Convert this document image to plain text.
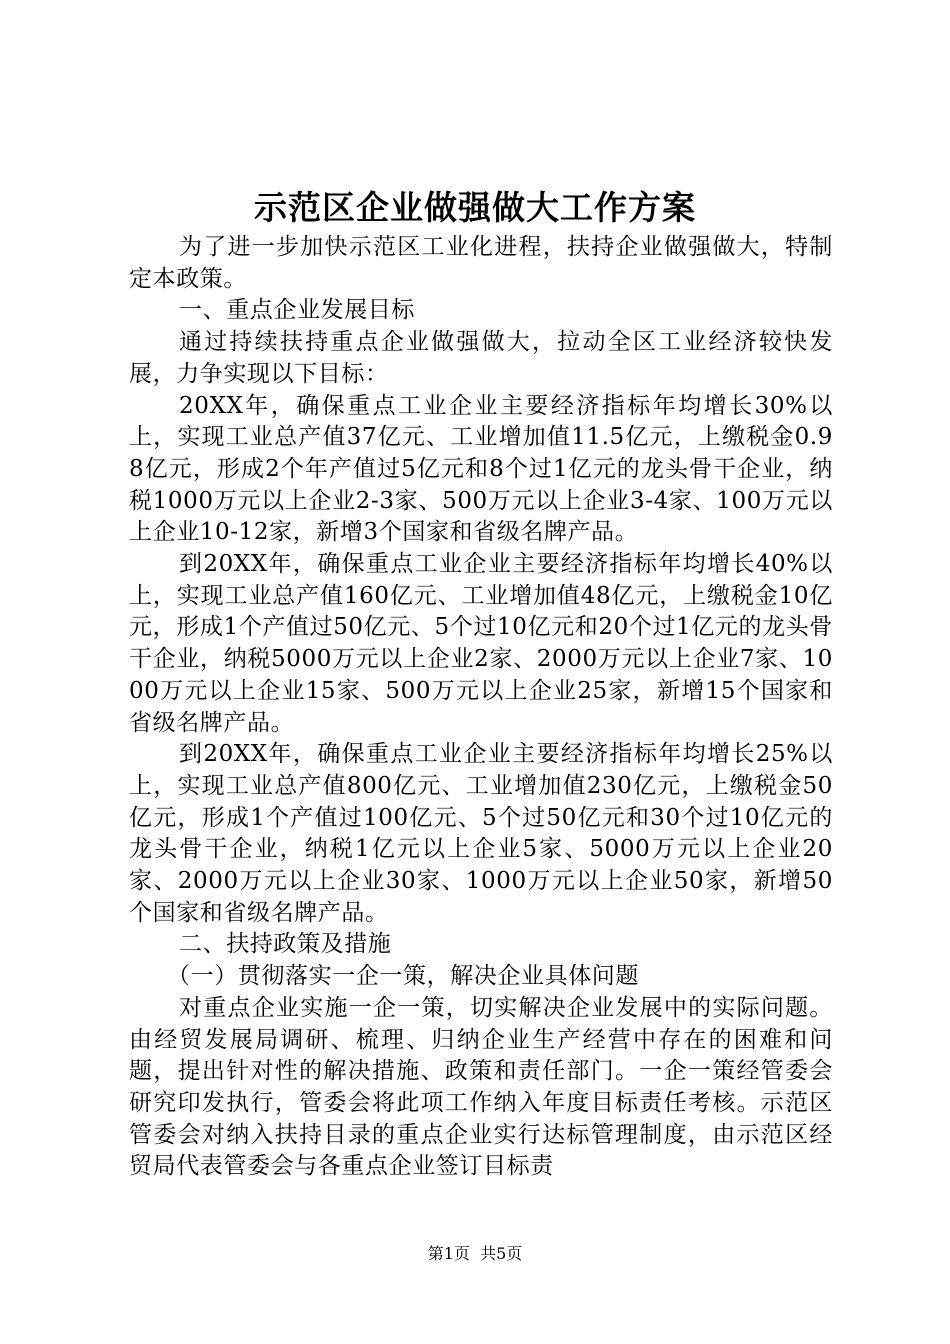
示范区企业做强做大工作方案

为了进一步加快示范区工业化进程，扶持企业做强做大，特制定本政策。

一、重点企业发展目标

通过持续扶持重点企业做强做大，拉动全区工业经济较快发展，力争实现以下目标：

20XX年，确保重点工业企业主要经济指标年均增长30%以上，实现工业总产值37亿元、工业增加值11.5亿元，上缴税金0.98亿元，形成2个年产值过5亿元和8个过1亿元的龙头骨干企业，纳税1000万元以上企业2-3家、500万元以上企业3-4家、100万元以上企业10-12家，新增3个国家和省级名牌产品。

到20XX年，确保重点工业企业主要经济指标年均增长40%以上，实现工业总产值160亿元、工业增加值48亿元，上缴税金10亿元，形成1个产值过50亿元、5个过10亿元和20个过1亿元的龙头骨干企业，纳税5000万元以上企业2家、2000万元以上企业7家、1000万元以上企业15家、500万元以上企业25家，新增15个国家和省级名牌产品。

到20XX年，确保重点工业企业主要经济指标年均增长25%以上，实现工业总产值800亿元、工业增加值230亿元，上缴税金50亿元，形成1个产值过100亿元、5个过50亿元和30个过10亿元的龙头骨干企业，纳税1亿元以上企业5家、5000万元以上企业20家、2000万元以上企业30家、1000万元以上企业50家，新增50个国家和省级名牌产品。

二、扶持政策及措施

（一）贯彻落实一企一策，解决企业具体问题

对重点企业实施一企一策，切实解决企业发展中的实际问题。由经贸发展局调研、梳理、归纳企业生产经营中存在的困难和问题，提出针对性的解决措施、政策和责任部门。一企一策经管委会研究印发执行，管委会将此项工作纳入年度目标责任考核。示范区管委会对纳入扶持目录的重点企业实行达标管理制度，由示范区经贸局代表管委会与各重点企业签订目标责

第1页 共5页
